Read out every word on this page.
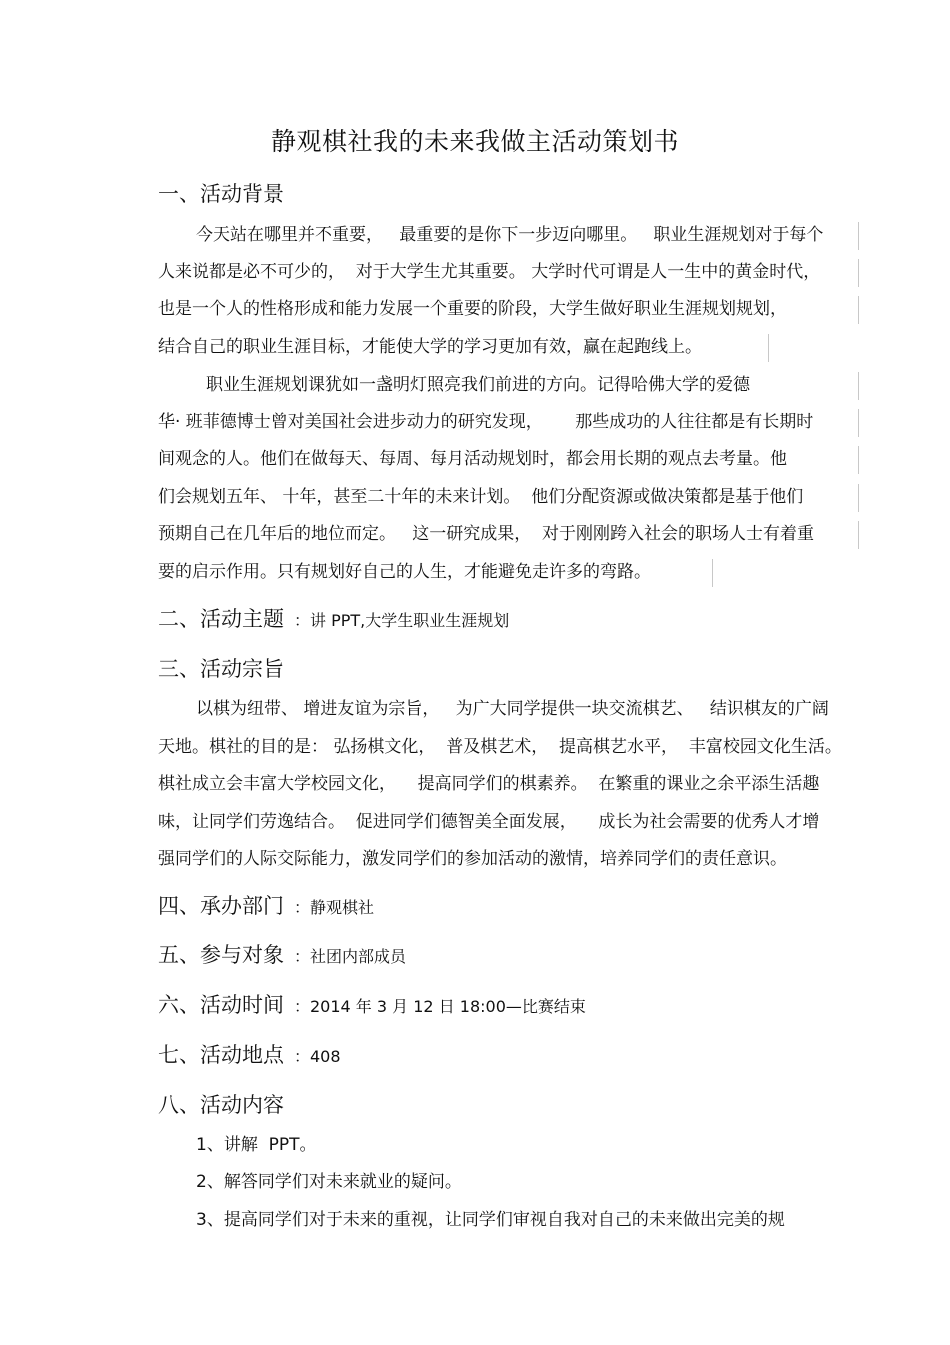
静观棋社我的未来我做主活动策划书
一、活动背景
今天站在哪里并不重要，   最重要的是你下一步迈向哪里。   职业生涯规划对于每个
人来说都是必不可少的，  对于大学生尤其重要。 大学时代可谓是人一生中的黄金时代，
也是一个人的性格形成和能力发展一个重要的阶段，大学生做好职业生涯规划规划，
结合自己的职业生涯目标，才能使大学的学习更加有效，赢在起跑线上。
职业生涯规划课犹如一盏明灯照亮我们前进的方向。记得哈佛大学的爱德
华· 班菲德博士曾对美国社会进步动力的研究发现，      那些成功的人往往都是有长期时
间观念的人。他们在做每天、每周、每月活动规划时，都会用长期的观点去考量。他
们会规划五年、 十年，甚至二十年的未来计划。  他们分配资源或做决策都是基于他们
预期自己在几年后的地位而定。   这一研究成果，  对于刚刚跨入社会的职场人士有着重
要的启示作用。只有规划好自己的人生，才能避免走许多的弯路。
二、活动主题 ：讲 PPT,大学生职业生涯规划
三、活动宗旨
以棋为纽带、 增进友谊为宗旨，   为广大同学提供一块交流棋艺、   结识棋友的广阔
天地。棋社的目的是： 弘扬棋文化，  普及棋艺术，  提高棋艺水平，  丰富校园文化生活。
棋社成立会丰富大学校园文化，    提高同学们的棋素养。  在繁重的课业之余平添生活趣
味，让同学们劳逸结合。  促进同学们德智美全面发展，    成长为社会需要的优秀人才增
强同学们的人际交际能力，激发同学们的参加活动的激情，培养同学们的责任意识。
四、承办部门 ：静观棋社
五、参与对象 ：社团内部成员
六、活动时间 ：2014 年 3 月 12 日 18:00—比赛结束
七、活动地点 ：408
八、活动内容
1、讲解  PPT。
2、解答同学们对未来就业的疑问。
3、提高同学们对于未来的重视，让同学们审视自我对自己的未来做出完美的规
